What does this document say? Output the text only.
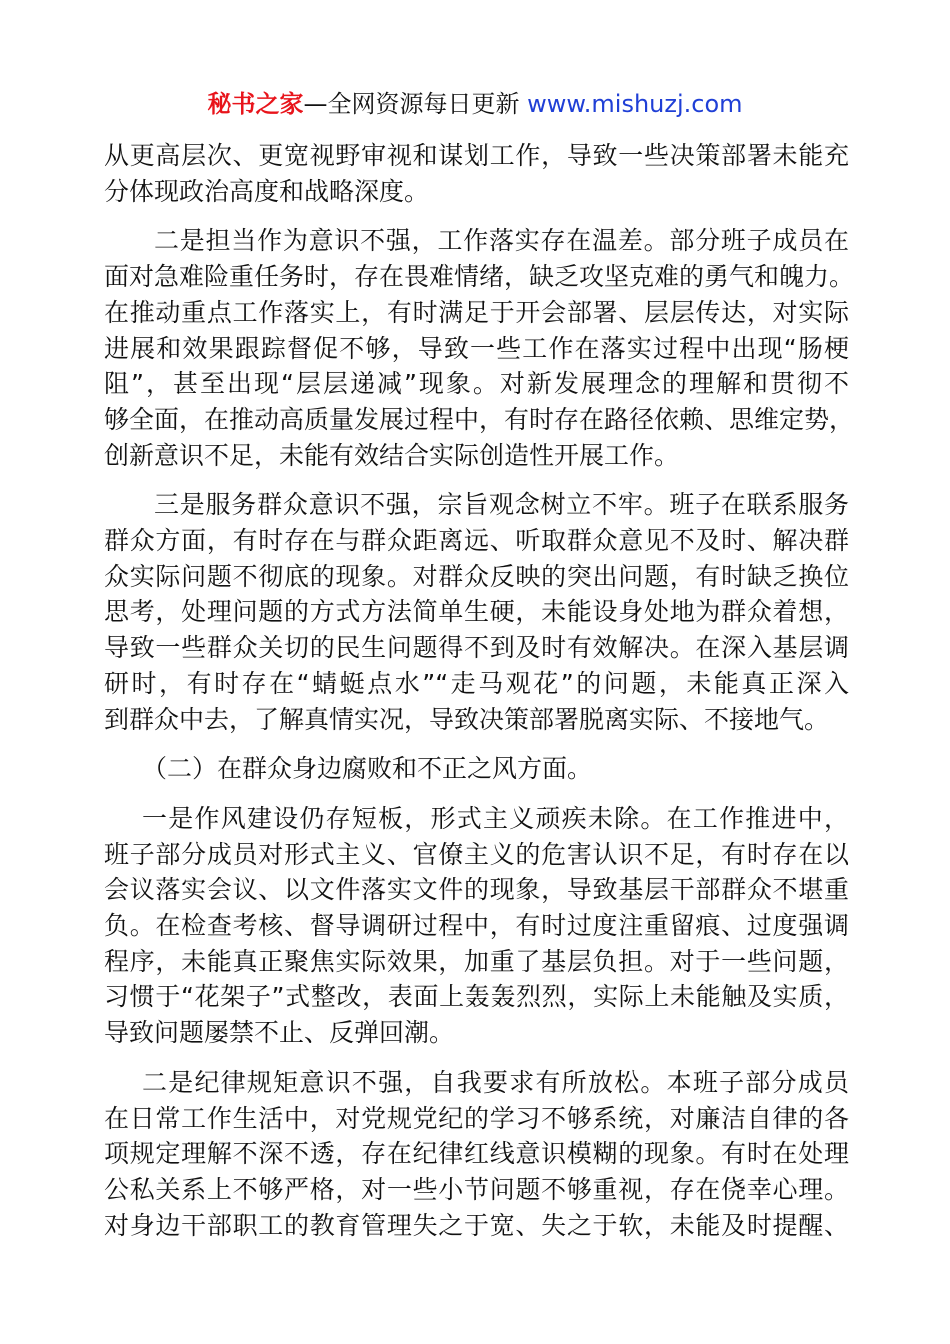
秘书之家—全网资源每日更新 www.mishuzj.com
从更高层次、更宽视野审视和谋划工作，导致一些决策部署未能充
分体现政治高度和战略深度。
二是担当作为意识不强，工作落实存在温差。部分班子成员在
面对急难险重任务时，存在畏难情绪，缺乏攻坚克难的勇气和魄力。
在推动重点工作落实上，有时满足于开会部署、层层传达，对实际
进展和效果跟踪督促不够，导致一些工作在落实过程中出现“肠梗
阻”，甚至出现“层层递减”现象。对新发展理念的理解和贯彻不
够全面，在推动高质量发展过程中，有时存在路径依赖、思维定势，
创新意识不足，未能有效结合实际创造性开展工作。
三是服务群众意识不强，宗旨观念树立不牢。班子在联系服务
群众方面，有时存在与群众距离远、听取群众意见不及时、解决群
众实际问题不彻底的现象。对群众反映的突出问题，有时缺乏换位
思考，处理问题的方式方法简单生硬，未能设身处地为群众着想，
导致一些群众关切的民生问题得不到及时有效解决。在深入基层调
研时，有时存在“蜻蜓点水”“走马观花”的问题，未能真正深入
到群众中去，了解真情实况，导致决策部署脱离实际、不接地气。
（二）在群众身边腐败和不正之风方面。
一是作风建设仍存短板，形式主义顽疾未除。在工作推进中，
班子部分成员对形式主义、官僚主义的危害认识不足，有时存在以
会议落实会议、以文件落实文件的现象，导致基层干部群众不堪重
负。在检查考核、督导调研过程中，有时过度注重留痕、过度强调
程序，未能真正聚焦实际效果，加重了基层负担。对于一些问题，
习惯于“花架子”式整改，表面上轰轰烈烈，实际上未能触及实质，
导致问题屡禁不止、反弹回潮。
二是纪律规矩意识不强，自我要求有所放松。本班子部分成员
在日常工作生活中，对党规党纪的学习不够系统，对廉洁自律的各
项规定理解不深不透，存在纪律红线意识模糊的现象。有时在处理
公私关系上不够严格，对一些小节问题不够重视，存在侥幸心理。
对身边干部职工的教育管理失之于宽、失之于软，未能及时提醒、
